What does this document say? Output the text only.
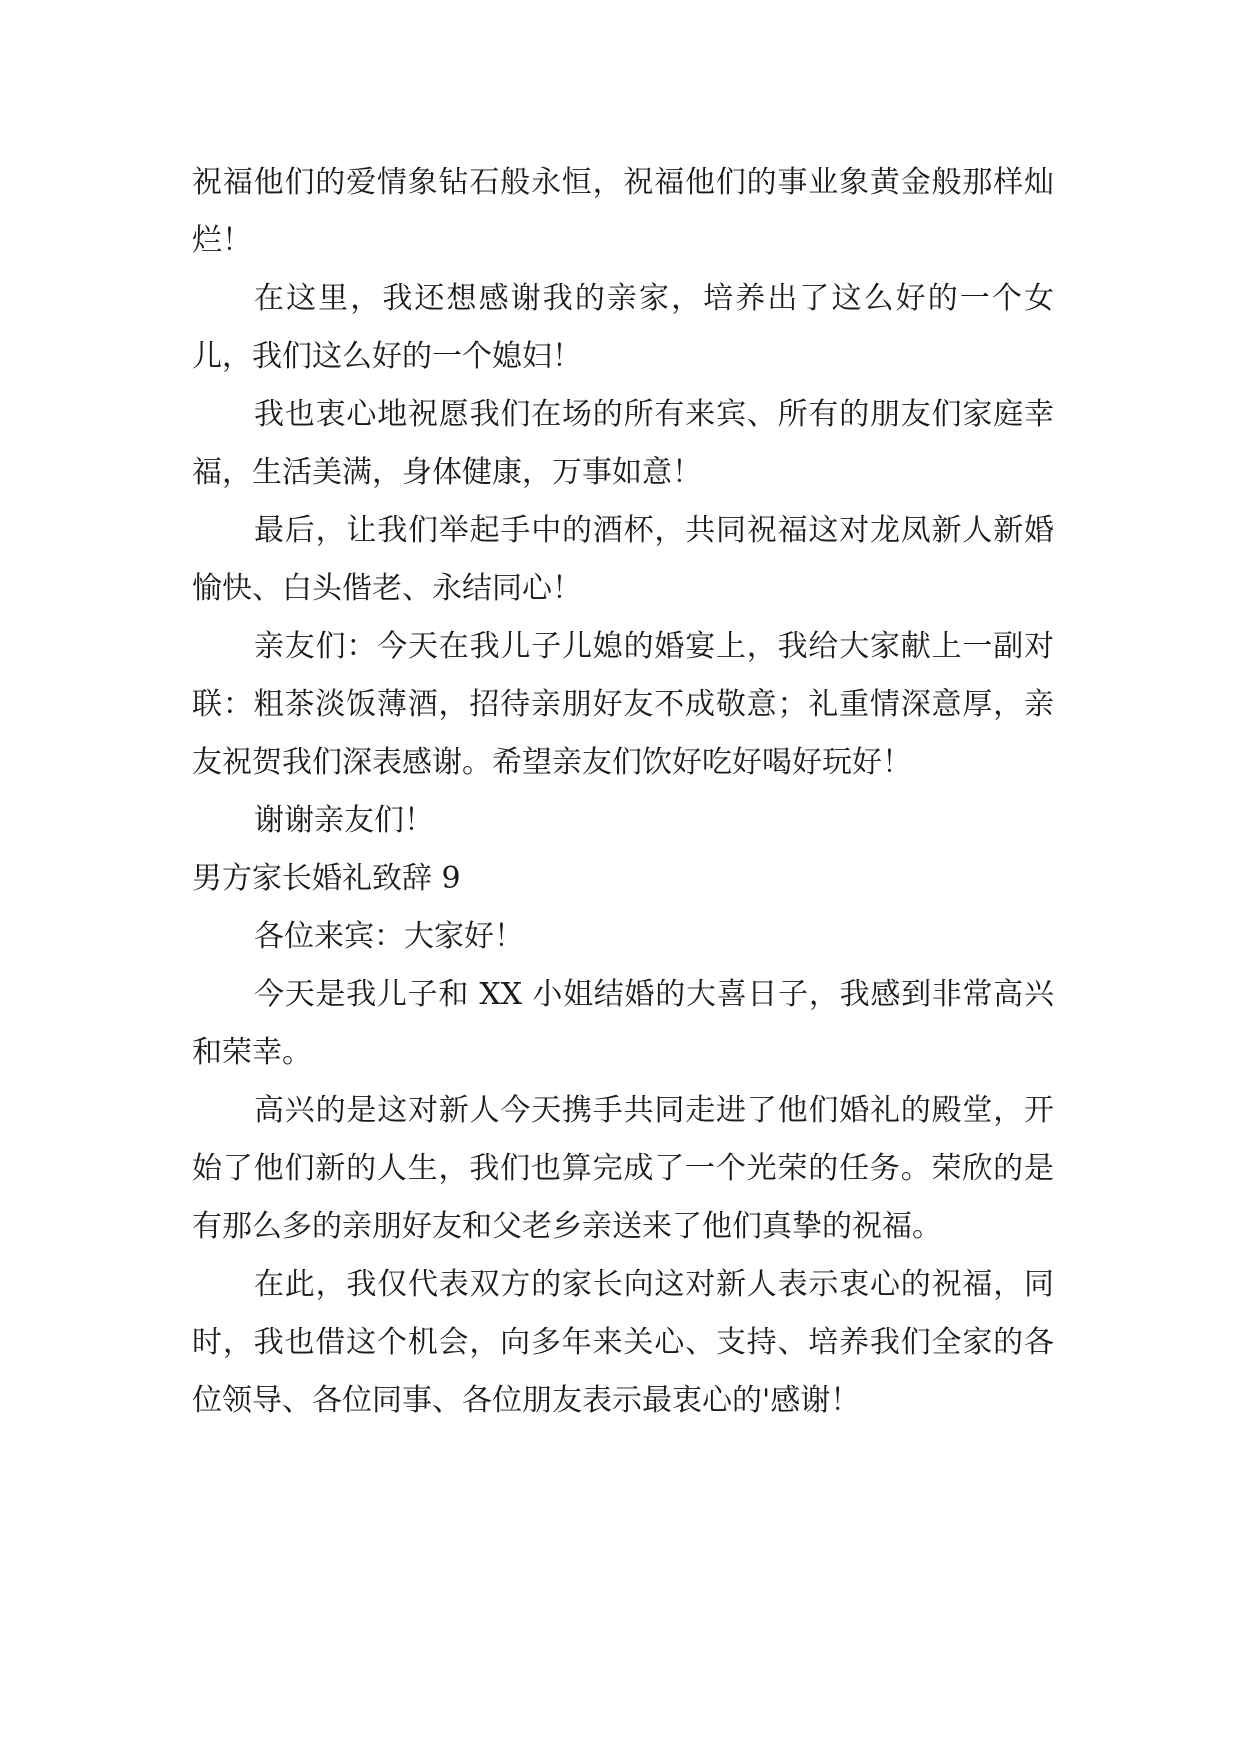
祝福他们的爱情象钻石般永恒，祝福他们的事业象黄金般那样灿烂！

在这里，我还想感谢我的亲家，培养出了这么好的一个女儿，我们这么好的一个媳妇！

我也衷心地祝愿我们在场的所有来宾、所有的朋友们家庭幸福，生活美满，身体健康，万事如意！

最后，让我们举起手中的酒杯，共同祝福这对龙凤新人新婚愉快、白头偕老、永结同心！

亲友们：今天在我儿子儿媳的婚宴上，我给大家献上一副对联：粗茶淡饭薄酒，招待亲朋好友不成敬意；礼重情深意厚，亲友祝贺我们深表感谢。希望亲友们饮好吃好喝好玩好！

谢谢亲友们！

男方家长婚礼致辞 9

各位来宾：大家好！

今天是我儿子和 XX 小姐结婚的大喜日子，我感到非常高兴和荣幸。

高兴的是这对新人今天携手共同走进了他们婚礼的殿堂，开始了他们新的人生，我们也算完成了一个光荣的任务。荣欣的是有那么多的亲朋好友和父老乡亲送来了他们真挚的祝福。

在此，我仅代表双方的家长向这对新人表示衷心的祝福，同时，我也借这个机会，向多年来关心、支持、培养我们全家的各位领导、各位同事、各位朋友表示最衷心的'感谢！
